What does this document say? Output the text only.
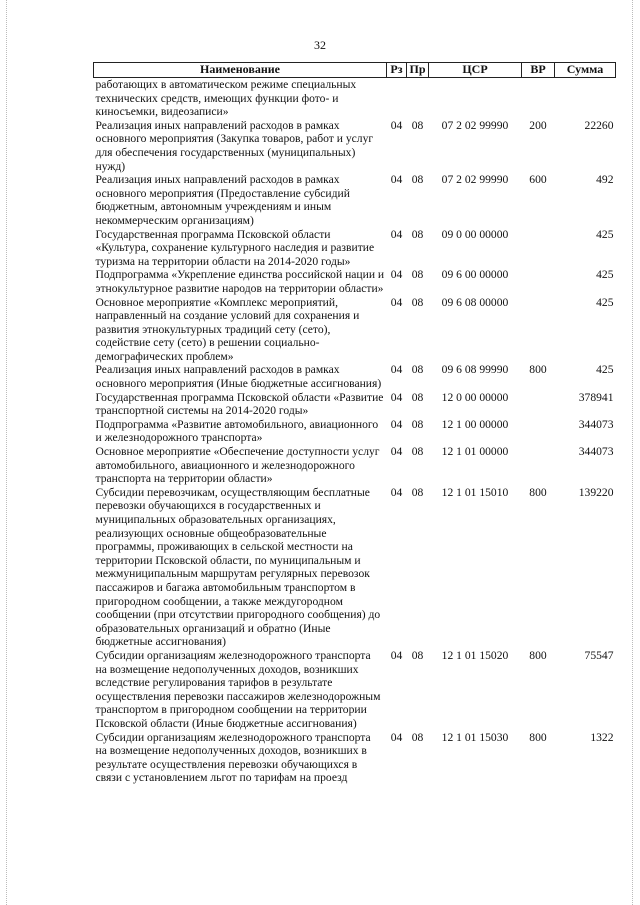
32
Наименование	Рз	Пр	ЦСР	ВР	Сумма
работающих в автоматическом режиме специальных технических средств, имеющих функции фото- и киносъемки, видеозаписи»					
Реализация иных направлений расходов в рамках основного мероприятия (Закупка товаров, работ и услуг для обеспечения государственных (муниципальных) нужд)	04	08	07 2 02 99990	200	22260
Реализация иных направлений расходов в рамках основного мероприятия (Предоставление субсидий бюджетным, автономным учреждениям и иным некоммерческим организациям)	04	08	07 2 02 99990	600	492
Государственная программа Псковской области «Культура, сохранение культурного наследия и развитие туризма на территории области на 2014-2020 годы»	04	08	09 0 00 00000		425
Подпрограмма «Укрепление единства российской нации и этнокультурное развитие народов на территории области»	04	08	09 6 00 00000		425
Основное мероприятие «Комплекс мероприятий, направленный на создание условий для сохранения и развития этнокультурных традиций сету (сето), содействие сету (сето) в решении социально-демографических проблем»	04	08	09 6 08 00000		425
Реализация иных направлений расходов в рамках основного мероприятия (Иные бюджетные ассигнования)	04	08	09 6 08 99990	800	425
Государственная программа Псковской области «Развитие транспортной системы на 2014-2020 годы»	04	08	12 0 00 00000		378941
Подпрограмма «Развитие автомобильного, авиационного и железнодорожного транспорта»	04	08	12 1 00 00000		344073
Основное мероприятие «Обеспечение доступности услуг автомобильного, авиационного и железнодорожного транспорта на территории области»	04	08	12 1 01 00000		344073
Субсидии перевозчикам, осуществляющим бесплатные перевозки обучающихся в государственных и муниципальных образовательных организациях, реализующих основные общеобразовательные программы, проживающих в сельской местности на территории Псковской области, по муниципальным и межмуниципальным маршрутам регулярных перевозок пассажиров и багажа автомобильным транспортом в пригородном сообщении, а также междугородном сообщении (при отсутствии пригородного сообщения) до образовательных организаций и обратно (Иные бюджетные ассигнования)	04	08	12 1 01 15010	800	139220
Субсидии организациям железнодорожного транспорта на возмещение недополученных доходов, возникших вследствие регулирования тарифов в результате осуществления перевозки пассажиров железнодорожным транспортом в пригородном сообщении на территории Псковской области (Иные бюджетные ассигнования)	04	08	12 1 01 15020	800	75547
Субсидии организациям железнодорожного транспорта на возмещение недополученных доходов, возникших в результате осуществления перевозки обучающихся в связи с установлением льгот по тарифам на проезд	04	08	12 1 01 15030	800	1322
